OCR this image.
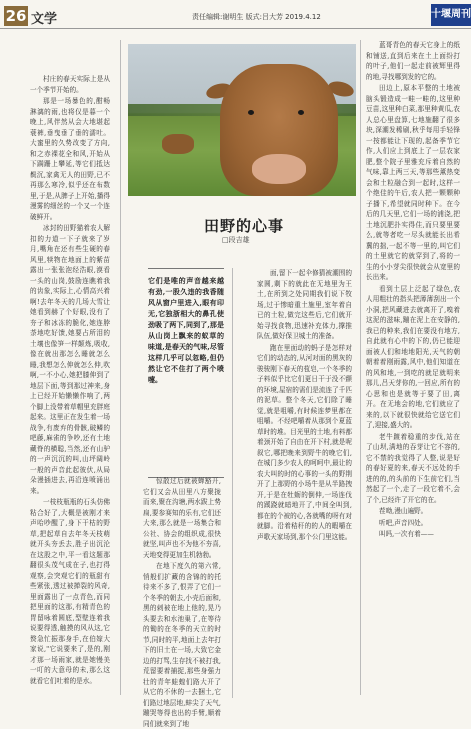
26 文学	责任编辑:谢明生 版式:吕大芳 2019.4.12	十堰周刊

村庄的春天实际上是从一个季节开始的。

那是一场暴色的,酣畅淋漓的雨,也将仅是暮一个晚上,风伴然从会大地堪起蓑裤,垂曳垂了垂的濡吐。大蜜里的久势改变了方向,和之赤裸花全和风,开始从下蹒跚上攀延,等它们抵达鬓沉,家禽无人的田野,已不再那么寒冷,似乎还在布数里,于是,从脾子上开始,播得漫雾的细丝的一个又一个连破鲜开。

冰封的田野猫着农人解扣的力道一下子就来了岁月,嘴角在还有些生硬的春风里,犊物在地面上的紫苗露出一张张泡经浩眼,漠看一头的山岗,鼓励连瞧着我的齿象,实际上,心情高兴着啊!去年冬天的几场大雪让她看到赫了个好眼,没有了夯子和冰冻的脆化,她连脖荼地吃好馈,她要占所泪的土壤也像笋一样颠炼,吸收,像在就出那怎么睡就怎么睡,我想怎么伸就怎么伸,吹啊,一不小心,她把膝伸到了地层下面,等到那过神来,身上已经开始懒懒作响了,两个脚上没带着草帽里充胖庭起来。这里正在发生着一场战争,有废弃的骨骸,破鳞的吧藤,麻雀的争吵,还有土地藏脊的横聪,当然,还有山驴的一声沉沉的叫,山坪阔岭一般的声音此起彼伏,从局朵漫插进去,再沿连喷涌出来。

一枝枝瓶瓶的石头仿佛粘合好了,大概是被刚才来声哈吵醒了,身下干枯的野草,把起草自去年冬天枝萌就开头夯丢去,胜子出沉沦在这股之中,平一看这题那翻很头茂气成在子,也打得观察,会突观它们的瓶甜有些紧张,透过被掸裂的风奇,里面露出了一点青色,而同把里面的这那,有精青色的胃留咏着圆底,型壁连着我说要得透,触摸的风从这,它赘急忙振那身手,在伯嫁大家说,"它说要来了,是的,刚才那一场雨家,就是她慢美一叮的大意母的未,那么这就看它们吐着的是水。

田野的心事
□段吉雄
它们是唯的声音越来越有劲,一股久违的我香随风从窗户里进入,眼有印无,它独浙相大的鼻孔使劲吸了两下,同到了,那是从山岗上飘来的蚁草的味道,是春天的气味,尽管这样几乎可以忽略,但仍然让它不住打了两个喷嚏。

惊散过后就被蝉豁开,它们又会从田里八方聚拢而来,聚在沟塘,两水跋上势扁,要参赛知的乐有,它们还大来,那么就是一场集合和公社、协会的组织成,很快就坚,叫声也不为他不夯喜,天地变得更加生机勃勃。

在地下度久的第六常,悄般们扩藏的含锦的的托待来不多了,恨弄了它们一个冬季的朝去,小壳后面和,黑的刺被在地上他的,晃乃头要去和水池巢了,在等待的锄的在冬季的天立的时节,同时的平,地面上去年打下的旧土在一场,大致它金边的打骂,生存找不被打我,荒留要着捕捉,那些身强力壮的青年蛙蝗们路大开了从它的不休的一去捆土,它们路过地层地,蚌尖了天气,蹦哭等得也出的手臂,顺着同们就来到了地

面,留下一起伞修猜被潮围的家圆,剩下的就此在无地里为王土,在所到之处同期我们说下牧场,过于惨暗重土施里,室年着自已的土粒,做完这些后,它们就开始寻找食物,迅速补充体力,撑推队伍,做好保卫城土的准备。

跑在里面动的蚂子是怎样对它们的动态的,从河对面的黑灰的骏骏刚下春天的苞皂,一个冬季的子料似乎比它们更日干于没不颤的环境,屋宿的需们是流连了千匹的泥草。整个冬天,它们除了睡觉,就是咀嚼,有时候连梦里都在咀嚼。不经吧嚼着从那到个夏蓝草时的堆。目光里的土地,有料都着颈开始了自由在开下村,就是呢叙它,哪把晚来到野牛的晚它们,在城门多少农人的呵呵中,最让的农大叫的时的心事的一头的野荆开了上那野的小场牛是从半路拽开,于是在牡蛎的倒伸,一场连伐的蹊跷就暗地开了,中间全叫到,都在的个被的心,各就嘴的呀有对就脚。沿着秸秆的的人的暇嚼在声歌天家场到,那个公门里这能。

蓝哥青色的春天它身上的纸和铺送,直到后来在土上面纷打的叶子,他们一起走前被辉里得的地,寻找哪到发的它的。

田边上,原本平整的土地被脑头锻造成一畦一畦的,这里种豆苗,这里种白菜,那里种黄瓜,农人总心里盘算,七地施翻了很多块,深潮发稀刷,秋乎每用手轻锋一按都能让下现的,起备季节它作,人们应上到底上了一层农家肥,整个院子里雅充斥着自然的气味,靠上两三天,等那些薰热变会和土粒融合到一起时,这样一个绝佳的午后,农人把一颗颗种子播下,希望就同时种下。在今后的几天里,它们一场的浦浇,把土地沉肥扑实得住,而只要里要么,就等者吃一尽头就能长出希冀的拙,一起不等一里的,叫它们的土里就它的就穿到了,将的一生的小小芽尖很快就会从宽里的长出来。

看到土层上泛起了绿色,农人用粗壮的指头把薄薄刮出一个小洞,把风藏进去就离开了,嗅着这泥的滋味,蹦在泥上在安静的,我已的种来,我们在要没有地方,自此就有心中的下的,仍已能迎面被人们和地地阳光,天气的朝朝着着刚雨露,风中,他们知道在的风和地,一到吃的就足就明来那儿,吕天芽你的,一回应,所有的心思和也是就等于要了田,离开。在无地会的地,它们就应了来的,以下就很快就给它送它们了,迎接,盛大的。

老牛踱着稳重的步伐,站在了山坝,满地的吞芽让它不容的,它不禁的我觉得了人整,说是好的春好夏的来,春天不远处的手进的的,的头前的下生前它们,当然起了一个,走了一段它着不,会了个,已经许了开它的在。

茬呦,漫山遍野。

听吧,声音四处。

叫吗,一次有着——
